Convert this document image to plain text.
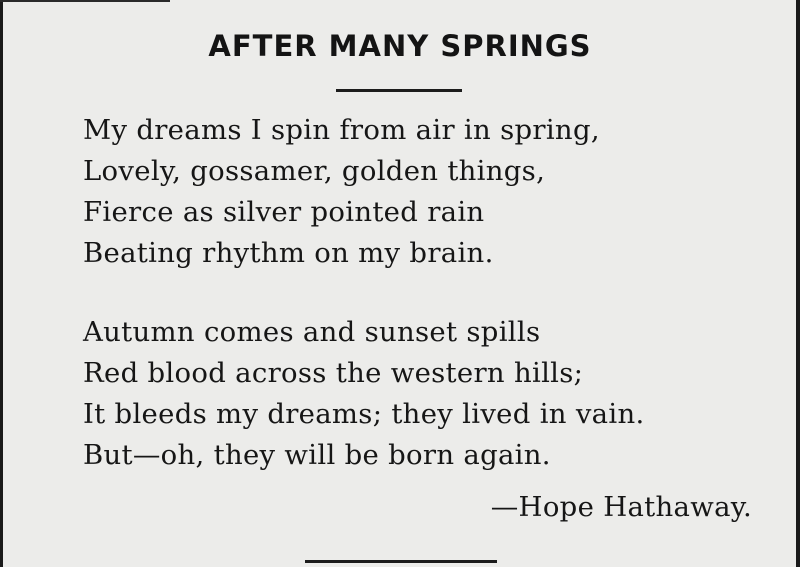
AFTER MANY SPRINGS
My dreams I spin from air in spring,
Lovely, gossamer, golden things,
Fierce as silver pointed rain
Beating rhythm on my brain.
Autumn comes and sunset spills
Red blood across the western hills;
It bleeds my dreams; they lived in vain.
But—oh, they will be born again.
—Hope Hathaway.
